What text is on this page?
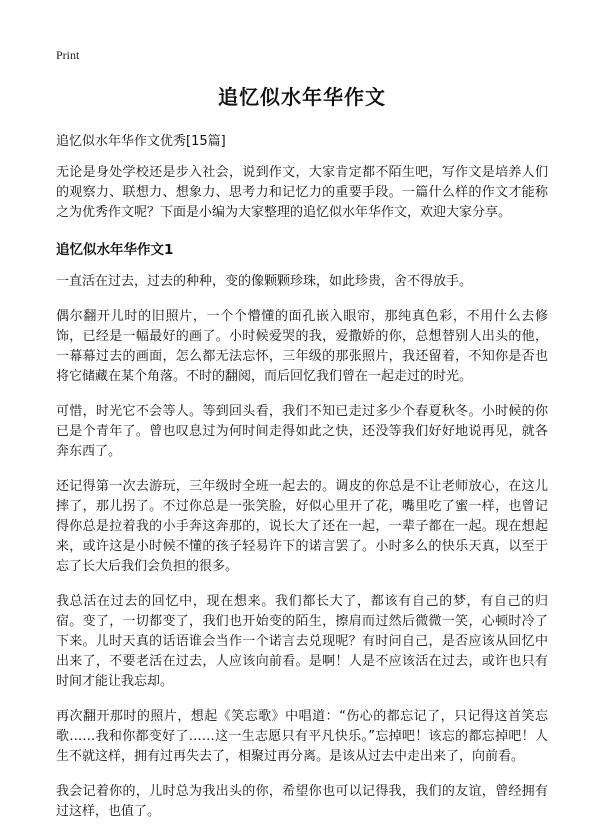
Print
追忆似水年华作文
追忆似水年华作文优秀[15篇]

无论是身处学校还是步入社会，说到作文，大家肯定都不陌生吧，写作文是培养人们的观察力、联想力、想象力、思考力和记忆力的重要手段。一篇什么样的作文才能称之为优秀作文呢？下面是小编为大家整理的追忆似水年华作文，欢迎大家分享。

追忆似水年华作文1

一直活在过去，过去的种种，变的像颗颗珍珠，如此珍贵，舍不得放手。

偶尔翻开儿时的旧照片，一个个懵懂的面孔嵌入眼帘，那纯真色彩，不用什么去修饰，已经是一幅最好的画了。小时候爱哭的我，爱撒娇的你，总想替别人出头的他，一幕幕过去的画面，怎么都无法忘怀，三年级的那张照片，我还留着，不知你是否也将它储藏在某个角落。不时的翻阅，而后回忆我们曾在一起走过的时光。

可惜，时光它不会等人。等到回头看，我们不知已走过多少个春夏秋冬。小时候的你已是个青年了。曾也叹息过为何时间走得如此之快，还没等我们好好地说再见，就各奔东西了。

还记得第一次去游玩，三年级时全班一起去的。调皮的你总是不让老师放心，在这儿摔了，那儿拐了。不过你总是一张笑脸，好似心里开了花，嘴里吃了蜜一样，也曾记得你总是拉着我的小手奔这奔那的，说长大了还在一起，一辈子都在一起。现在想起来，或许这是小时候不懂的孩子轻易许下的诺言罢了。小时多么的快乐天真，以至于忘了长大后我们会负担的很多。

我总活在过去的回忆中，现在想来。我们都长大了，都该有自己的梦，有自己的归宿。变了，一切都变了，我们也开始变的陌生，擦肩而过然后微微一笑，心顿时冷了下来。儿时天真的话语谁会当作一个诺言去兑现呢？有时问自己，是否应该从回忆中出来了，不要老活在过去，人应该向前看。是啊！人是不应该活在过去，或许也只有时间才能让我忘却。

再次翻开那时的照片，想起《笑忘歌》中唱道：“伤心的都忘记了，只记得这首笑忘歌……我和你都变好了……这一生志愿只有平凡快乐。”忘掉吧！该忘的都忘掉吧！人生不就这样，拥有过再失去了，相聚过再分离。是该从过去中走出来了，向前看。

我会记着你的，儿时总为我出头的你，希望你也可以记得我，我们的友谊，曾经拥有过这样，也值了。
